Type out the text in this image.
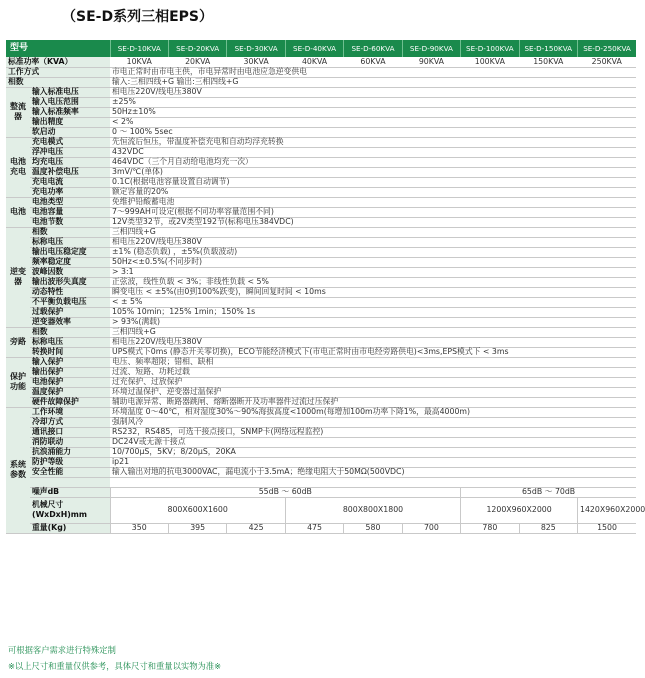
（SE-D系列三相EPS）
型号		SE-D-10KVA	SE-D-20KVA	SE-D-30KVA	SE-D-40KVA	SE-D-60KVA	SE-D-90KVA	SE-D-100KVA	SE-D-150KVA	SE-D-250KVA
标准功率（KVA）		10KVA	20KVA	30KVA	40KVA	60KVA	90KVA	100KVA	150KVA	250KVA
工作方式		市电正常时由市电主供，市电异常时由电池应急逆变供电								
相数		输入:三相四线+G 输出:三相四线+G								
整流器	输入标准电压	相电压220V/线电压380V								
	输入电压范围	±25%								
	输入标准频率	50Hz±10%								
	输出精度	< 2%								
	软启动	0 ～ 100% 5sec								
电池充电	充电模式	先恒流后恒压，带温度补偿充电和自动均浮充转换								
	浮冲电压	432VDC								
	均充电压	464VDC（三个月自动给电池均充一次）								
	温度补偿电压	3mV/℃(单体)								
	充电电流	0.1C(根据电池容量设置自动调节)								
	充电功率	额定容量的20%								
电池	电池类型	免维护铅酸蓄电池								
	电池容量	7～999AH可设定(根据不同功率容量范围不同)								
	电池节数	12V类型32节，或2V类型192节(标称电压384VDC)								
逆变器	相数	三相四线+G								
	标称电压	相电压220V/线电压380V								
	输出电压稳定度	±1% (稳态负载) ，±5%(负载波动)								
	频率稳定度	50Hz<±0.5%(不同步时)								
	波峰因数	> 3:1								
	输出波形失真度	正弦波，线性负载 < 3%；非线性负载 < 5%								
	动态特性	瞬变电压 < ±5%(由0到100%跃变)，瞬间回复时间 < 10ms								
	不平衡负载电压	< ± 5%								
	过载保护	105% 10min；125% 1min；150% 1s								
	逆变器效率	> 93%(满载)								
旁路	相数	三相四线+G								
	标称电压	相电压220V/线电压380V								
	转换时间	UPS模式下0ms (静态开关零切换)，ECO节能经济模式下(市电正常时由市电经旁路供电)<3ms,EPS模式下 < 3ms								
保护功能	输入保护	电压、频率超限；错相、缺相								
	输出保护	过流、短路、功耗过载								
	电池保护	过充保护、过放保护								
	温度保护	环境过温保护、逆变器过温保护								
	硬件故障保护	辅助电源异常、断路器跳闸、熔断器断开及功率器件过流过压保护								
系统参数	工作环境	环境温度 0～40℃，相对湿度30%～90%海拔高度<1000m(每增加100m功率下降1%，最高4000m)								
	冷却方式	强制风冷								
	通讯接口	RS232，RS485，可选干接点接口，SNMP卡(网络远程监控)								
	消防联动	DC24V或无源干接点								
	抗浪涌能力	10/700μS，5KV；8/20μS，20KA								
	防护等级	ip21								
	安全性能	输入输出对地的抗电3000VAC，漏电流小于3.5mA；绝缘电阻大于50MΩ(500VDC)								

	噪声dB	55dB ～ 60dB						65dB ～ 70dB		
	机械尺寸(WxDxH)mm	800X600X1600			800X800X1800			1200X960X2000		1420X960X2000
	重量(Kg)	350	395	425	475	580	700	780	825	1500
可根据客户需求进行特殊定制
※以上尺寸和重量仅供参考，具体尺寸和重量以实物为准※
